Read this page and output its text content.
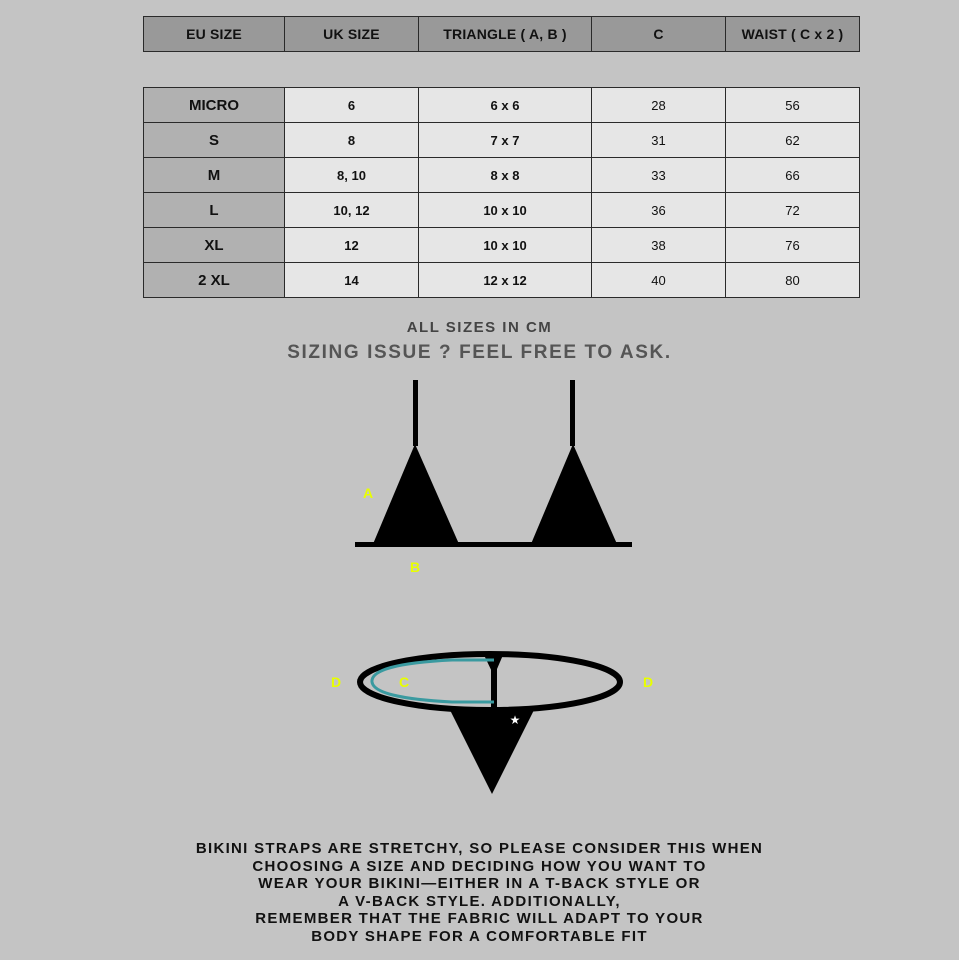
EU SIZE	UK SIZE	TRIANGLE ( A, B )	C	WAIST ( C x 2 )
MICRO	6	6 x 6	28	56
S	8	7 x 7	31	62
M	8, 10	8 x 8	33	66
L	10, 12	10 x 10	36	72
XL	12	10 x 10	38	76
2 XL	14	12 x 12	40	80
ALL SIZES IN CM
SIZING ISSUE ? FEEL FREE TO ASK.
A
B
★
D	C	D
BIKINI STRAPS ARE STRETCHY, SO PLEASE CONSIDER THIS WHEN
CHOOSING A SIZE AND DECIDING HOW YOU WANT TO
WEAR YOUR BIKINI—EITHER IN A T-BACK STYLE OR
A V-BACK STYLE. ADDITIONALLY,
REMEMBER THAT THE FABRIC WILL ADAPT TO YOUR
BODY SHAPE FOR A COMFORTABLE FIT
